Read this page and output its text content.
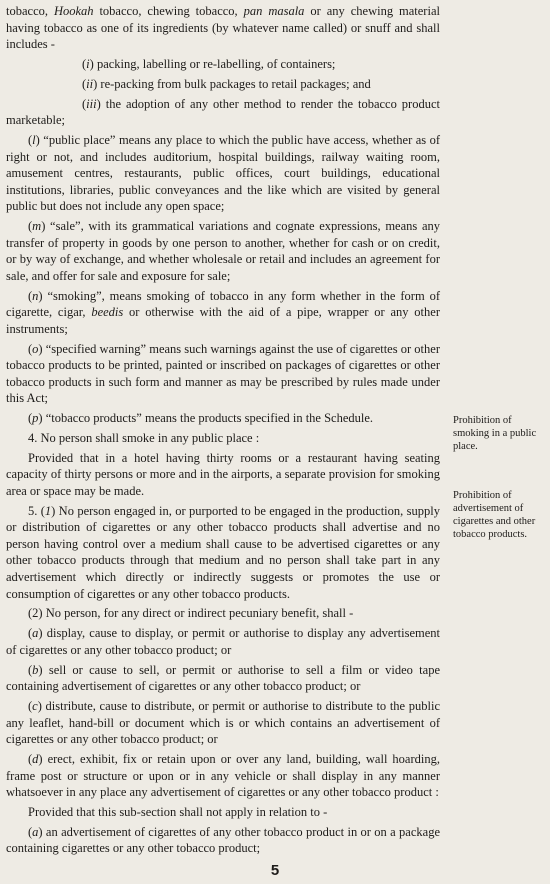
tobacco, Hookah tobacco, chewing tobacco, pan masala or any chewing material having tobacco as one of its ingredients (by whatever name called) or snuff and shall includes -

(i) packing, labelling or re-labelling, of containers;

(ii) re-packing from bulk packages to retail packages; and

(iii) the adoption of any other method to render the tobacco product marketable;

(l) “public place” means any place to which the public have access, whether as of right or not, and includes auditorium, hospital buildings, railway waiting room, amusement centres, restaurants, public offices, court buildings, educational institutions, libraries, public conveyances and the like which are visited by general public but does not include any open space;

(m) “sale”, with its grammatical variations and cognate expressions, means any transfer of property in goods by one person to another, whether for cash or on credit, or by way of exchange, and whether wholesale or retail and includes an agreement for sale, and offer for sale and exposure for sale;

(n) “smoking”, means smoking of tobacco in any form whether in the form of cigarette, cigar, beedis or otherwise with the aid of a pipe, wrapper or any other instruments;

(o) “specified warning” means such warnings against the use of cigarettes or other tobacco products to be printed, painted or inscribed on packages of cigarettes or other tobacco products in such form and manner as may be prescribed by rules made under this Act;

(p) “tobacco products” means the products specified in the Schedule.

4. No person shall smoke in any public place :

Provided that in a hotel having thirty rooms or a restaurant having seating capacity of thirty persons or more and in the airports, a separate provision for smoking area or space may be made.

5. (1) No person engaged in, or purported to be engaged in the production, supply or distribution of cigarettes or any other tobacco products shall advertise and no person having control over a medium shall cause to be advertised cigarettes or any other tobacco products through that medium and no person shall take part in any advertisement which directly or indirectly suggests or promotes the use or consumption of cigarettes or any other tobacco products.

(2) No person, for any direct or indirect pecuniary benefit, shall -

(a) display, cause to display, or permit or authorise to display any advertisement of cigarettes or any other tobacco product; or

(b) sell or cause to sell, or permit or authorise to sell a film or video tape containing advertisement of cigarettes or any other tobacco product; or

(c) distribute, cause to distribute, or permit or authorise to distribute to the public any leaflet, hand-bill or document which is or which contains an advertisement of cigarettes or any other tobacco product; or

(d) erect, exhibit, fix or retain upon or over any land, building, wall hoarding, frame post or structure or upon or in any vehicle or shall display in any manner whatsoever in any place any advertisement of cigarettes or any other tobacco product :

Provided that this sub-section shall not apply in relation to -

(a) an advertisement of cigarettes of any other tobacco product in or on a package containing cigarettes or any other tobacco product;

Prohibition of smoking in a public place.
Prohibition of advertisement of cigarettes and other tobacco products.
5
